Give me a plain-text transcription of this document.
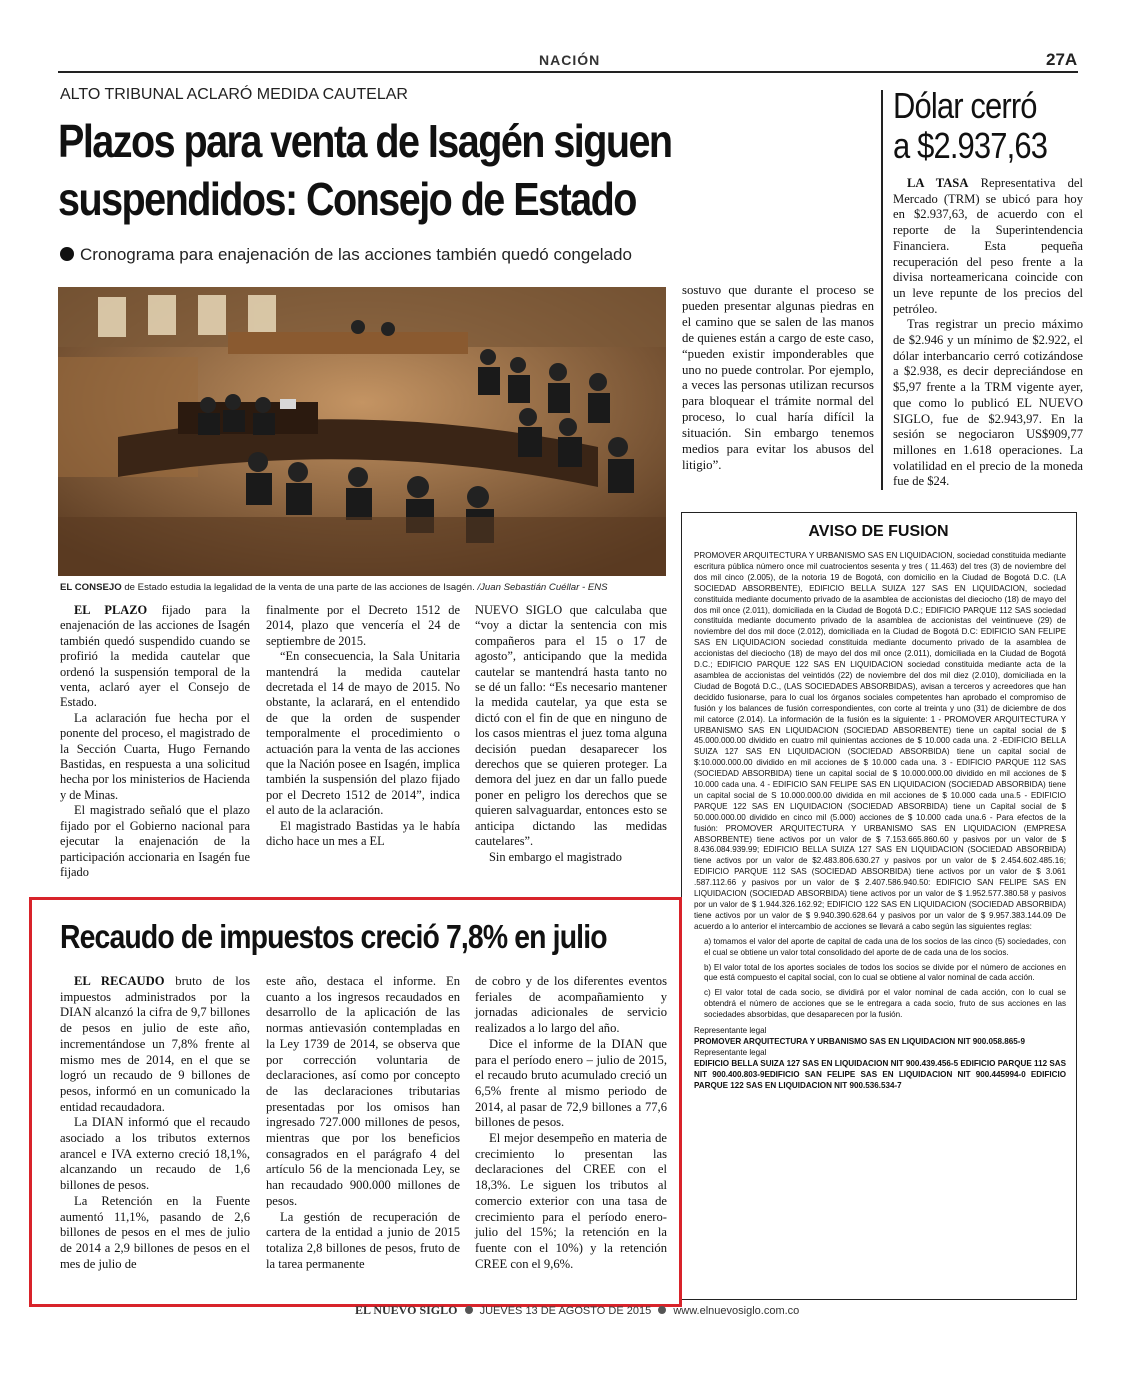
NACIÓN	27A
ALTO TRIBUNAL ACLARÓ MEDIDA CAUTELAR
Plazos para venta de Isagén siguen
suspendidos: Consejo de Estado
Cronograma para enajenación de las acciones también quedó congelado
EL CONSEJO de Estado estudia la legalidad de la venta de una parte de las acciones de Isagén. /Juan Sebastián Cuéllar - ENS

sostuvo que durante el proceso se pueden presentar algunas piedras en el camino que se salen de las manos de quienes están a cargo de este caso, “pueden existir imponderables que uno no puede controlar. Por ejemplo, a veces las personas utilizan recursos para bloquear el trámite normal del proceso, lo cual haría difícil la situación. Sin embargo tenemos medios para evitar los abusos del litigio”.

EL PLAZO fijado para la enajenación de las acciones de Isagén también quedó suspendido cuando se profirió la medida cautelar que ordenó la suspensión temporal de la venta, aclaró ayer el Consejo de Estado.

La aclaración fue hecha por el ponente del proceso, el magistrado de la Sección Cuarta, Hugo Fernando Bastidas, en respuesta a una solicitud hecha por los ministerios de Hacienda y de Minas.

El magistrado señaló que el plazo fijado por el Gobierno nacional para ejecutar la enajenación de la participación accionaria en Isagén fue fijado

finalmente por el Decreto 1512 de 2014, plazo que vencería el 24 de septiembre de 2015.

“En consecuencia, la Sala Unitaria mantendrá la medida cautelar decretada el 14 de mayo de 2015. No obstante, la aclarará, en el entendido de que la orden de suspender temporalmente el procedimiento o actuación para la venta de las acciones que la Nación posee en Isagén, implica también la suspensión del plazo fijado por el Decreto 1512 de 2014”, indica el auto de la aclaración.

El magistrado Bastidas ya le había dicho hace un mes a EL

NUEVO SIGLO que calculaba que “voy a dictar la sentencia con mis compañeros para el 15 o 17 de agosto”, anticipando que la medida cautelar se mantendrá hasta tanto no se dé un fallo: “Es necesario mantener la medida cautelar, ya que esta se dictó con el fin de que en ninguno de los casos mientras el juez toma alguna decisión puedan desaparecer los derechos que se quieren proteger. La demora del juez en dar un fallo puede poner en peligro los derechos que se quieren salvaguardar, entonces esto se anticipa dictando las medidas cautelares”.

Sin embargo el magistrado

Dólar cerró
a $2.937,63

LA TASA Representativa del Mercado (TRM) se ubicó para hoy en $2.937,63, de acuerdo con el reporte de la Superintendencia Financiera. Esta pequeña recuperación del peso frente a la divisa norteamericana coincide con un leve repunte de los precios del petróleo.

Tras registrar un precio máximo de $2.946 y un mínimo de $2.922, el dólar interbancario cerró cotizándose a $2.938, es decir depreciándose en $5,97 frente a la TRM vigente ayer, que como lo publicó EL NUEVO SIGLO, fue de $2.943,97. En la sesión se negociaron US$909,77 millones en 1.618 operaciones. La volatilidad en el precio de la moneda fue de $24.

AVISO DE FUSION
PROMOVER ARQUITECTURA Y URBANISMO SAS EN LIQUIDACION, sociedad constituida mediante escritura pública número once mil cuatrocientos sesenta y tres ( 11.463) del tres (3) de noviembre del dos mil cinco (2.005), de la notoria 19 de Bogotá, con domicilio en la Ciudad de Bogotá D.C. (LA SOCIEDAD ABSORBENTE), EDIFICIO BELLA SUIZA 127 SAS EN LIQUIDACION, sociedad constituida mediante documento privado de la asamblea de accionistas del dieciocho (18) de mayo del dos mil once (2.011), domiciliada en la Ciudad de Bogotá D.C.; EDIFICIO PARQUE 112 SAS sociedad constituida mediante documento privado de la asamblea de accionistas del veintinueve (29) de noviembre del dos mil doce (2.012), domiciliada en la Ciudad de Bogotá D.C: EDIFICIO SAN FELIPE SAS EN LIQUIDACION sociedad constituida mediante documento privado de la asamblea de accionistas del dieciocho (18) de mayo del dos mil once (2.011), domiciliada en la Ciudad de Bogotá D.C.; EDIFICIO PARQUE 122 SAS EN LIQUIDACION sociedad constituida mediante acta de la asamblea de accionistas del veintidós (22) de noviembre del dos mil diez (2.010), domiciliada en la Ciudad de Bogotá D.C., (LAS SOCIEDADES ABSORBIDAS), avisan a terceros y acreedores que han decidido fusionarse, para lo cual los órganos sociales competentes han aprobado el compromiso de fusión y los balances de fusión correspondientes, con corte al treinta y uno (31) de diciembre de dos mil catorce (2.014). La información de la fusión es la siguiente: 1 - PROMOVER ARQUITECTURA Y URBANISMO SAS EN LIQUIDACION (SOCIEDAD ABSORBENTE) tiene un capital social de $ 45.000.000.00 dividido en cuatro mil quinientas acciones de $ 10.000 cada una. 2 -EDIFICIO BELLA SUIZA 127 SAS EN LIQUIDACION (SOCIEDAD ABSORBIDA) tiene un capital social de $:10.000.000.00 dividido en mil acciones de $ 10.000 cada una. 3 - EDIFICIO PARQUE 112 SAS (SOCIEDAD ABSORBIDA) tiene un capital social de $ 10.000.000.00 dividido en mil acciones de $ 10.000 cada una. 4 - EDIFICIO SAN FELIPE SAS EN LIQUIDACION (SOCIEDAD ABSORBIDA) tiene un capital social de S 10.000.000.00 dividida en mil acciones de $ 10.000 cada una.5 - EDIFICIO PARQUE 122 SAS EN LIQUIDACION (SOCIEDAD ABSORBIDA) tiene un Capital social de $ 50.000.000.00 dividido en cinco mil (5.000) acciones de $ 10.000 cada una.6 - Para efectos de la fusión: PROMOVER ARQUITECTURA Y URBANISMO SAS EN LIQUIDACION (EMPRESA ABSORBENTE) tiene activos por un valor de $ 7.153.665.860.60 y pasivos por un valor de $ 8.436.084.939.99; EDIFICIO BELLA SUIZA 127 SAS EN LIQUIDACION (SOCIEDAD ABSORBIDA) tiene activos por un valor de $2.483.806.630.27 y pasivos por un valor de $ 2.454.602.485.16; EDIFICIO PARQUE 112 SAS (SOCIEDAD ABSORBIDA) tiene activos por un valor de $ 3.061 .587.112.66 y pasivos por un valor de $ 2.407.586.940.50: EDIFICIO SAN FELIPE SAS EN LIQUIDACION (SOCIEDAD ABSORBIDA) tiene activos por un valor de $ 1.952.577.380.58 y pasivos por un valor de $ 1.944.326.162.92; EDIFICIO 122 SAS EN LIQUIDACION (SOCIEDAD ABSORBIDA) tiene activos por un valor de $ 9.940.390.628.64 y pasivos por un valor de $ 9.957.383.144.09 De acuerdo a lo anterior el intercambio de acciones se llevará a cabo según las siguientes reglas:
a) tomamos el valor del aporte de capital de cada una de los socios de las cinco (5) sociedades, con el cual se obtiene un valor total consolidado del aporte de de cada una de los socios.
b) El valor total de los aportes sociales de todos los socios se divide por el número de acciones en que está compuesto el capital social, con lo cual se obtiene al valor nominal de cada acción.
c) El valor total de cada socio, se dividirá por el valor nominal de cada acción, con lo cual se obtendrá el número de acciones que se le entregara a cada socio, fruto de sus acciones en las sociedades absorbidas, que desaparecen por la fusión.
Representante legal
PROMOVER ARQUITECTURA Y URBANISMO SAS EN LIQUIDACION NIT 900.058.865-9
Representante legal
EDIFICIO BELLA SUIZA 127 SAS EN LIQUIDACION NIT 900.439.456-5 EDIFICIO PARQUE 112 SAS NIT 900.400.803-9EDIFICIO SAN FELIPE SAS EN LIQUIDACION NIT 900.445994-0 EDIFICIO PARQUE 122 SAS EN LIQUIDACION NIT 900.536.534-7
Recaudo de impuestos creció 7,8% en julio

EL RECAUDO bruto de los impuestos administrados por la DIAN alcanzó la cifra de 9,7 billones de pesos en julio de este año, incrementándose un 7,8% frente al mismo mes de 2014, en el que se logró un recaudo de 9 billones de pesos, informó en un comunicado la entidad recaudadora.

La DIAN informó que el recaudo asociado a los tributos externos arancel e IVA externo creció 18,1%, alcanzando un recaudo de 1,6 billones de pesos.

La Retención en la Fuente aumentó 11,1%, pasando de 2,6 billones de pesos en el mes de julio de 2014 a 2,9 billones de pesos en el mes de julio de

este año, destaca el informe. En cuanto a los ingresos recaudados en desarrollo de la aplicación de las normas antievasión contempladas en la Ley 1739 de 2014, se observa que por corrección voluntaria de declaraciones, así como por concepto de las declaraciones tributarias presentadas por los omisos han ingresado 727.000 millones de pesos, mientras que por los beneficios consagrados en el parágrafo 4 del artículo 56 de la mencionada Ley, se han recaudado 900.000 millones de pesos.

La gestión de recuperación de cartera de la entidad a junio de 2015 totaliza 2,8 billones de pesos, fruto de la tarea permanente

de cobro y de los diferentes eventos feriales de acompañamiento y jornadas adicionales de servicio realizados a lo largo del año.

Dice el informe de la DIAN que para el período enero – julio de 2015, el recaudo bruto acumulado creció un 6,5% frente al mismo periodo de 2014, al pasar de 72,9 billones a 77,6 billones de pesos.

El mejor desempeño en materia de crecimiento lo presentan las declaraciones del CREE con el 18,3%. Le siguen los tributos al comercio exterior con una tasa de crecimiento para el período enero-julio del 15%; la retención en la fuente con el 10%) y la retención CREE con el 9,6%.

EL NUEVO SIGLO JUEVES 13 DE AGOSTO DE 2015 www.elnuevosiglo.com.co
